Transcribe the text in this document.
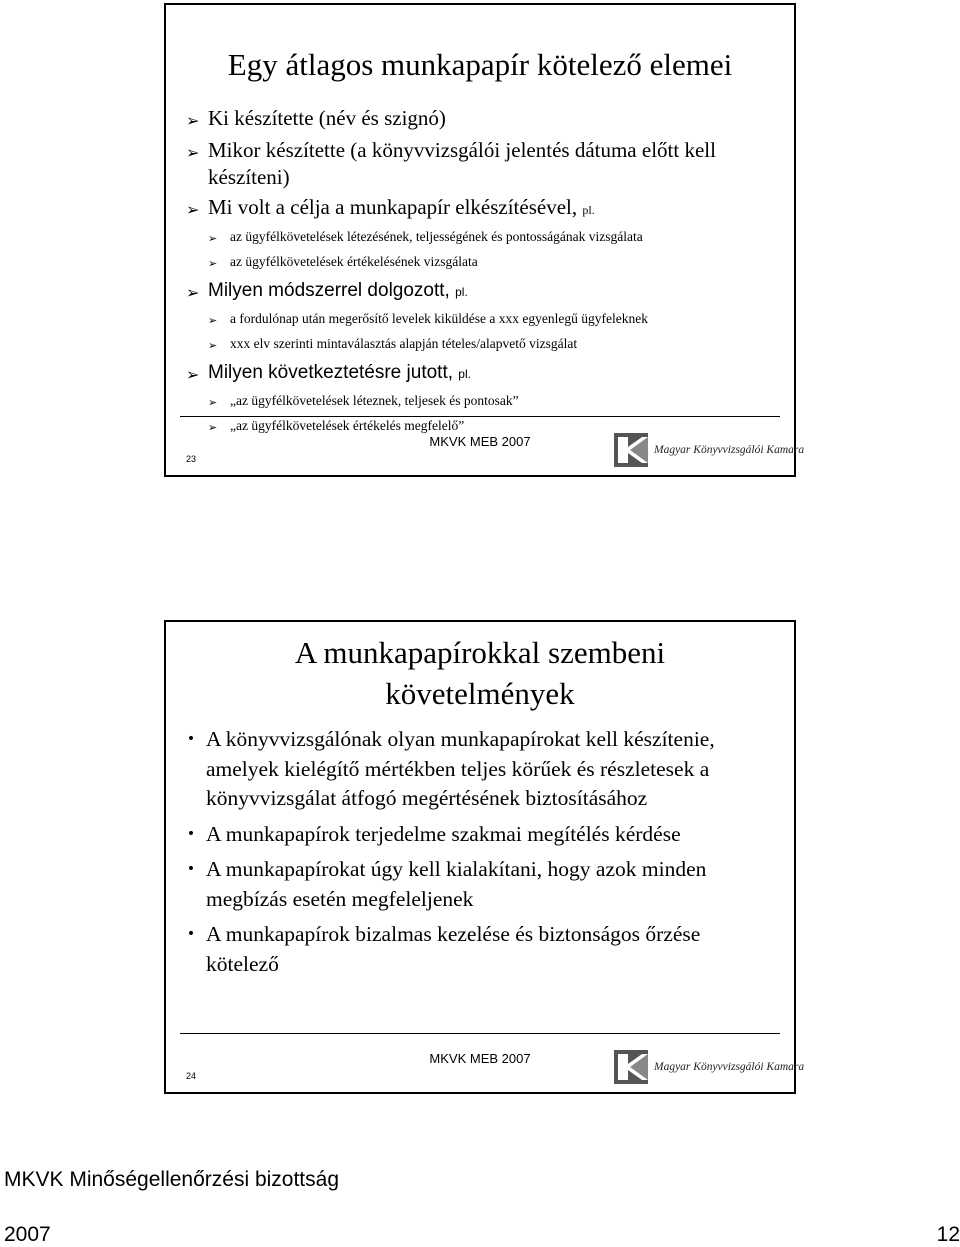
Egy átlagos munkapapír kötelező elemei
➢ Ki készítette (név és szignó)
➢ Mikor készítette (a könyvvizsgálói jelentés dátuma előtt kell készíteni)
➢ Mi volt a célja a munkapapír elkészítésével, pl.
➢ az ügyfélkövetelések létezésének, teljességének és pontosságának vizsgálata
➢ az ügyfélkövetelések értékelésének vizsgálata
➢ Milyen módszerrel dolgozott, pl.
➢ a fordulónap után megerősítő levelek kiküldése a xxx egyenlegű ügyfeleknek
➢ xxx elv szerinti mintaválasztás alapján tételes/alapvető vizsgálat
➢ Milyen következtetésre jutott, pl.
➢ „az ügyfélkövetelések léteznek, teljesek és pontosak”
➢ „az ügyfélkövetelések értékelés megfelelő”
MKVK MEB 2007
23
Magyar Könyvvizsgálói Kamara
A munkapapírokkal szembeni
követelmények
• A könyvvizsgálónak olyan munkapapírokat kell készítenie, amelyek kielégítő mértékben teljes körűek és részletesek a könyvvizsgálat átfogó megértésének biztosításához
• A munkapapírok terjedelme szakmai megítélés kérdése
• A munkapapírokat úgy kell kialakítani, hogy azok minden megbízás esetén megfeleljenek
• A munkapapírok bizalmas kezelése és biztonságos őrzése kötelező
MKVK MEB 2007
24
Magyar Könyvvizsgálói Kamara
MKVK Minőségellenőrzési bizottság
2007	12
